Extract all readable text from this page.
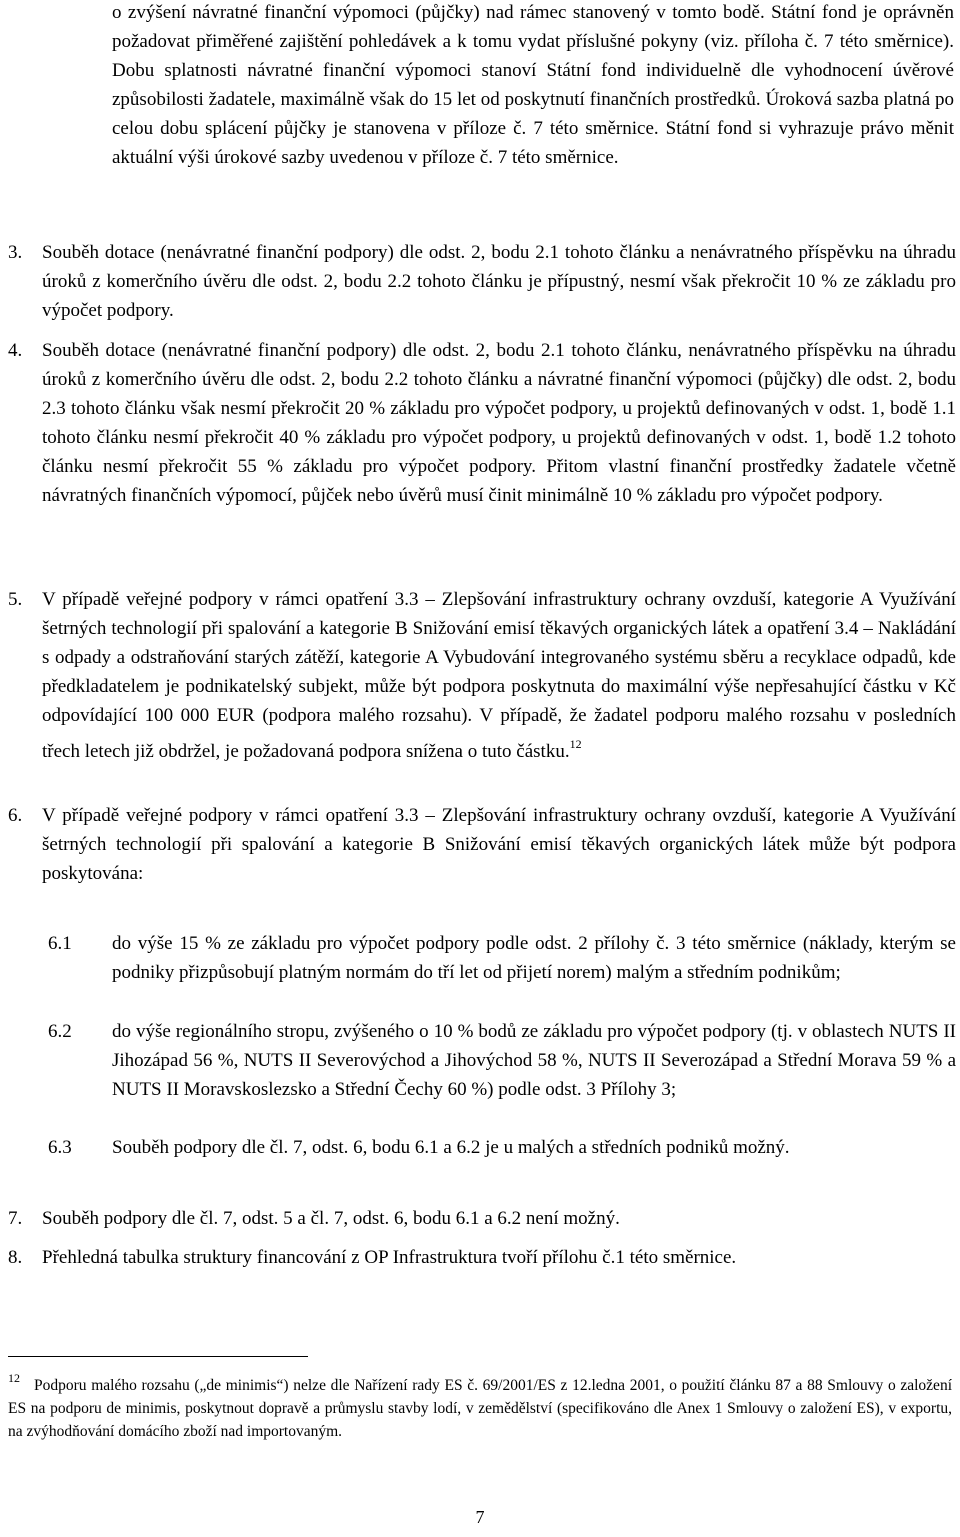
o zvýšení návratné finanční výpomoci (půjčky) nad rámec stanovený v tomto bodě. Státní fond je oprávněn požadovat přiměřené zajištění pohledávek a k tomu vydat příslušné pokyny (viz. příloha č. 7 této směrnice). Dobu splatnosti návratné finanční výpomoci stanoví Státní fond individuelně dle vyhodnocení úvěrové způsobilosti žadatele, maximálně však do 15 let od poskytnutí finančních prostředků. Úroková sazba platná po celou dobu splácení půjčky je stanovena v příloze č. 7 této směrnice. Státní fond si vyhrazuje právo měnit aktuální výši úrokové sazby uvedenou v příloze č. 7 této směrnice.
3. Souběh dotace (nenávratné finanční podpory) dle odst. 2, bodu 2.1 tohoto článku a nenávratného příspěvku na úhradu úroků z komerčního úvěru dle odst. 2, bodu 2.2 tohoto článku je přípustný, nesmí však překročit 10 % ze základu pro výpočet podpory.
4. Souběh dotace (nenávratné finanční podpory) dle odst. 2, bodu 2.1 tohoto článku, nenávratného příspěvku na úhradu úroků z komerčního úvěru dle odst. 2, bodu 2.2 tohoto článku a návratné finanční výpomoci (půjčky) dle odst. 2, bodu 2.3 tohoto článku však nesmí překročit 20 % základu pro výpočet podpory, u projektů definovaných v odst. 1, bodě 1.1 tohoto článku nesmí překročit 40 % základu pro výpočet podpory, u projektů definovaných v odst. 1, bodě 1.2 tohoto článku nesmí překročit 55 % základu pro výpočet podpory. Přitom vlastní finanční prostředky žadatele včetně návratných finančních výpomocí, půjček nebo úvěrů musí činit minimálně 10 % základu pro výpočet podpory.
5. V případě veřejné podpory v rámci opatření 3.3 – Zlepšování infrastruktury ochrany ovzduší, kategorie A Využívání šetrných technologií při spalování a kategorie B Snižování emisí těkavých organických látek a opatření 3.4 – Nakládání s odpady a odstraňování starých zátěží, kategorie A Vybudování integrovaného systému sběru a recyklace odpadů, kde předkladatelem je podnikatelský subjekt, může být podpora poskytnuta do maximální výše nepřesahující částku v Kč odpovídající 100 000 EUR (podpora malého rozsahu). V případě, že žadatel podporu malého rozsahu v posledních třech letech již obdržel, je požadovaná podpora snížena o tuto částku.$^{12}$
6. V případě veřejné podpory v rámci opatření 3.3 – Zlepšování infrastruktury ochrany ovzduší, kategorie A Využívání šetrných technologií při spalování a kategorie B Snižování emisí těkavých organických látek může být podpora poskytována:
6.1 do výše 15 % ze základu pro výpočet podpory podle odst. 2 přílohy č. 3 této směrnice (náklady, kterým se podniky přizpůsobují platným normám do tří let od přijetí norem) malým a středním podnikům;
6.2 do výše regionálního stropu, zvýšeného o 10 % bodů ze základu pro výpočet podpory (tj. v oblastech NUTS II Jihozápad 56 %, NUTS II Severovýchod a Jihovýchod 58 %, NUTS II Severozápad a Střední Morava 59 % a NUTS II Moravskoslezsko a Střední Čechy 60 %) podle odst. 3 Přílohy 3;
6.3 Souběh podpory dle čl. 7, odst. 6, bodu 6.1 a 6.2 je u malých a středních podniků možný.
7. Souběh podpory dle čl. 7, odst. 5 a čl. 7, odst. 6, bodu 6.1 a 6.2 není možný.
8. Přehledná tabulka struktury financování z OP Infrastruktura tvoří přílohu č.1 této směrnice.
$^{12}$ Podporu malého rozsahu („de minimis“) nelze dle Nařízení rady ES č. 69/2001/ES z 12.ledna 2001, o použití článku 87 a 88 Smlouvy o založení ES na podporu de minimis, poskytnout dopravě a průmyslu stavby lodí, v zemědělství (specifikováno dle Anex 1 Smlouvy o založení ES), v exportu, na zvýhodňování domácího zboží nad importovaným.
7
